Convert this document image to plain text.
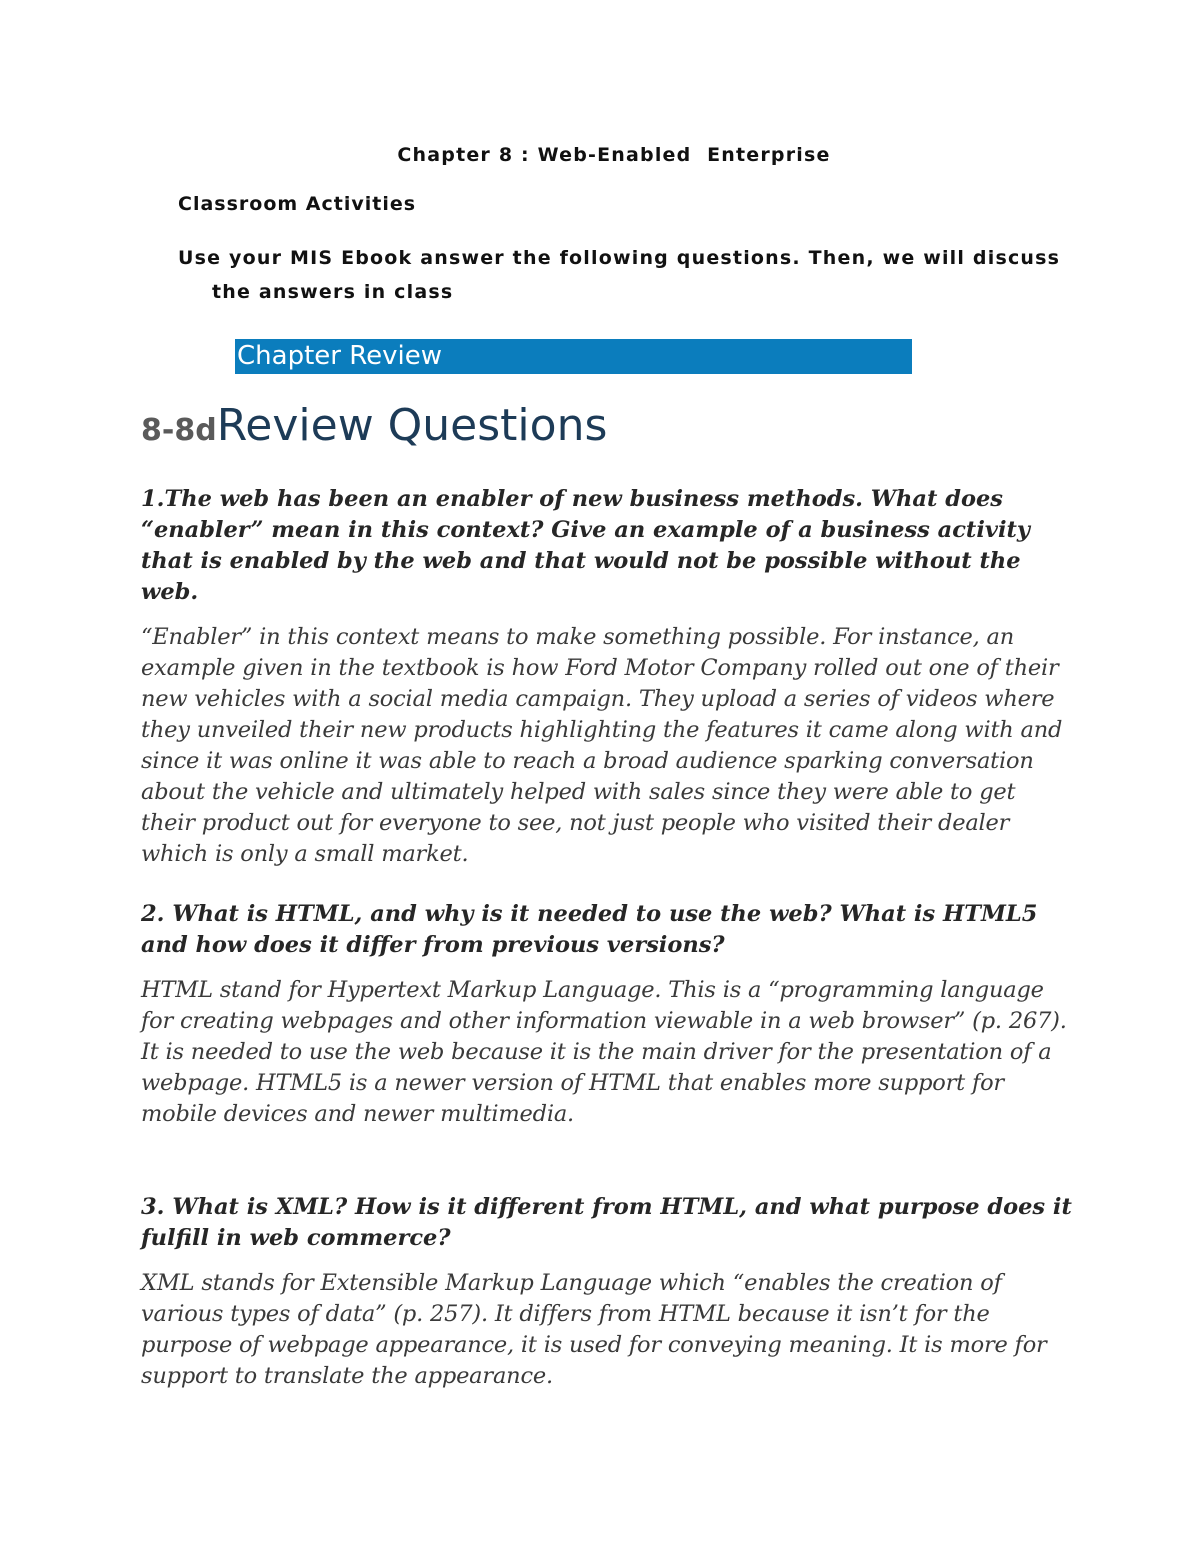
Chapter 8 : Web-Enabled  Enterprise
Classroom Activities
Use your MIS Ebook answer the following questions. Then, we will discuss
the answers in class
Chapter Review
8-8dReview Questions

1.The web has been an enabler of new business methods. What does “enabler” mean in this context? Give an example of a business activity that is enabled by the web and that would not be possible without the web.

“Enabler” in this context means to make something possible. For instance, an example given in the textbook is how Ford Motor Company rolled out one of their new vehicles with a social media campaign. They upload a series of videos where they unveiled their new products highlighting the features it came along with and since it was online it was able to reach a broad audience sparking conversation about the vehicle and ultimately helped with sales since they were able to get their product out for everyone to see, not just people who visited their dealer which is only a small market.

2. What is HTML, and why is it needed to use the web? What is HTML5 and how does it differ from previous versions?

HTML stand for Hypertext Markup Language. This is a “programming language for creating webpages and other information viewable in a web browser” (p. 267). It is needed to use the web because it is the main driver for the presentation of a webpage. HTML5 is a newer version of HTML that enables more support for mobile devices and newer multimedia.

3. What is XML? How is it different from HTML, and what purpose does it fulfill in web commerce?

XML stands for Extensible Markup Language which “enables the creation of various types of data” (p. 257). It differs from HTML because it isn’t for the purpose of webpage appearance, it is used for conveying meaning. It is more for support to translate the appearance.
